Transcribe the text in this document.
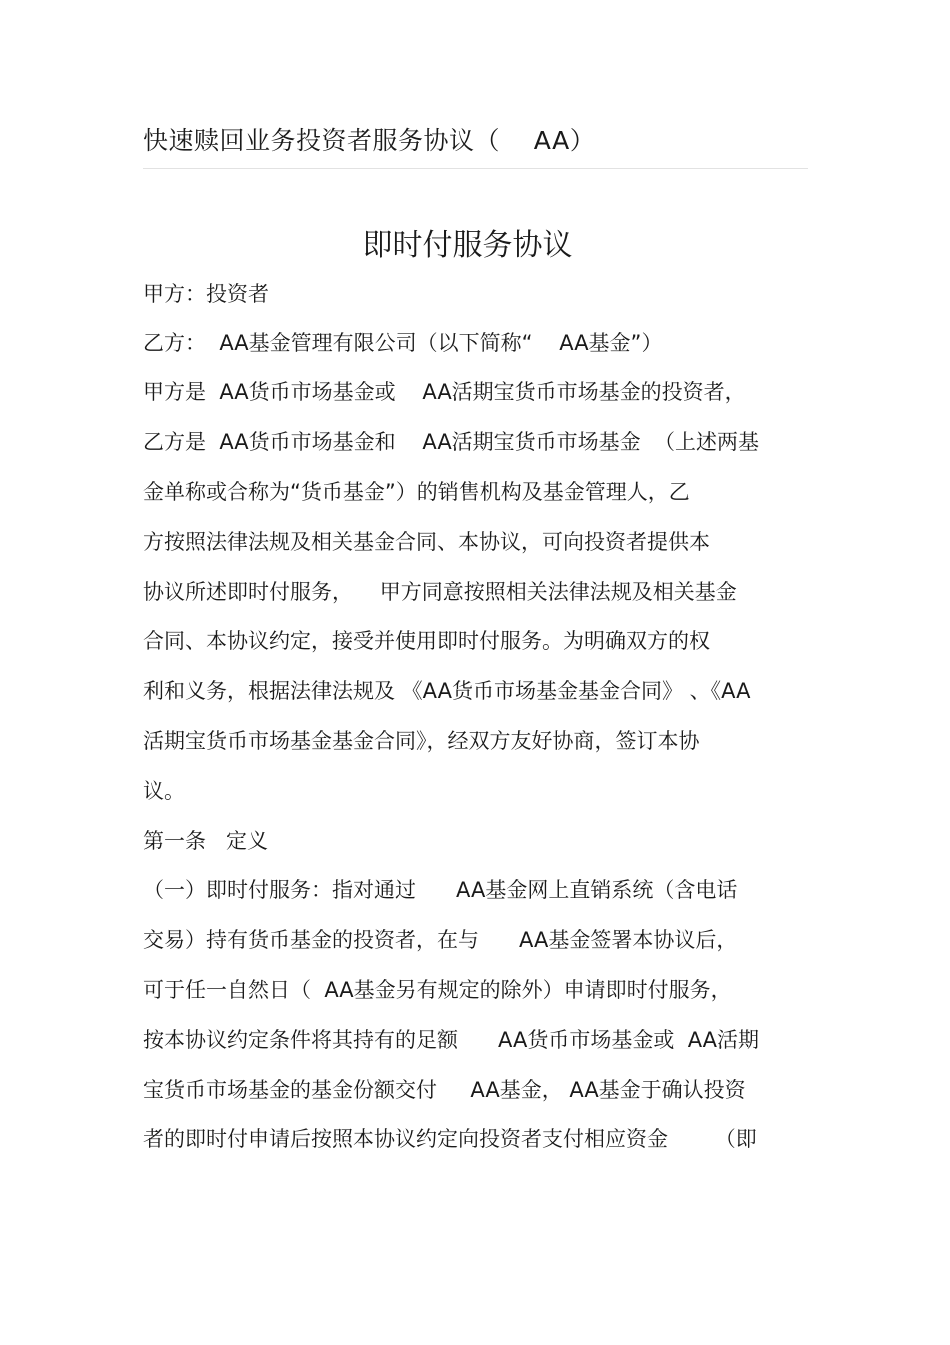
快速赎回业务投资者服务协议（    AA）
即时付服务协议
甲方：投资者
乙方：  AA基金管理有限公司（以下简称“    AA基金”）
甲方是  AA货币市场基金或    AA活期宝货币市场基金的投资者，
乙方是  AA货币市场基金和    AA活期宝货币市场基金  （上述两基
金单称或合称为“货币基金”）的销售机构及基金管理人，乙
方按照法律法规及相关基金合同、本协议，可向投资者提供本
协议所述即时付服务，    甲方同意按照相关法律法规及相关基金
合同、本协议约定，接受并使用即时付服务。为明确双方的权
利和义务，根据法律法规及 《AA货币市场基金基金合同》 、《AA
活期宝货币市场基金基金合同》，经双方友好协商，签订本协
议。
第一条   定义
（一）即时付服务：指对通过      AA基金网上直销系统（含电话
交易）持有货币基金的投资者，在与      AA基金签署本协议后，
可于任一自然日（  AA基金另有规定的除外）申请即时付服务，
按本协议约定条件将其持有的足额      AA货币市场基金或  AA活期
宝货币市场基金的基金份额交付     AA基金， AA基金于确认投资
者的即时付申请后按照本协议约定向投资者支付相应资金       （即
